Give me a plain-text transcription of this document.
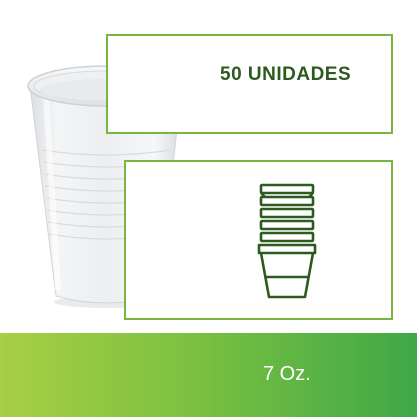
50 UNIDADES
7 Oz.
